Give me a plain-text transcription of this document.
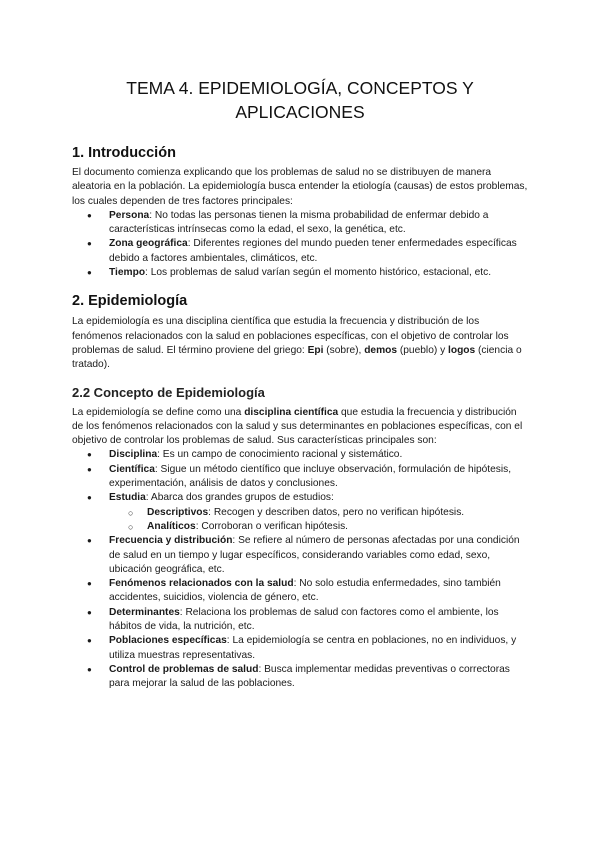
TEMA 4. EPIDEMIOLOGÍA, CONCEPTOS Y APLICACIONES
1. Introducción

El documento comienza explicando que los problemas de salud no se distribuyen de manera aleatoria en la población. La epidemiología busca entender la etiología (causas) de estos problemas, los cuales dependen de tres factores principales:

● Persona: No todas las personas tienen la misma probabilidad de enfermar debido a características intrínsecas como la edad, el sexo, la genética, etc.
● Zona geográfica: Diferentes regiones del mundo pueden tener enfermedades específicas debido a factores ambientales, climáticos, etc.
● Tiempo: Los problemas de salud varían según el momento histórico, estacional, etc.
2. Epidemiología

La epidemiología es una disciplina científica que estudia la frecuencia y distribución de los fenómenos relacionados con la salud en poblaciones específicas, con el objetivo de controlar los problemas de salud. El término proviene del griego: Epi (sobre), demos (pueblo) y logos (ciencia o tratado).

2.2 Concepto de Epidemiología

La epidemiología se define como una disciplina científica que estudia la frecuencia y distribución de los fenómenos relacionados con la salud y sus determinantes en poblaciones específicas, con el objetivo de controlar los problemas de salud. Sus características principales son:

● Disciplina: Es un campo de conocimiento racional y sistemático.
● Científica: Sigue un método científico que incluye observación, formulación de hipótesis, experimentación, análisis de datos y conclusiones.
● Estudia: Abarca dos grandes grupos de estudios:
○ Descriptivos: Recogen y describen datos, pero no verifican hipótesis.
○ Analíticos: Corroboran o verifican hipótesis.
● Frecuencia y distribución: Se refiere al número de personas afectadas por una condición de salud en un tiempo y lugar específicos, considerando variables como edad, sexo, ubicación geográfica, etc.
● Fenómenos relacionados con la salud: No solo estudia enfermedades, sino también accidentes, suicidios, violencia de género, etc.
● Determinantes: Relaciona los problemas de salud con factores como el ambiente, los hábitos de vida, la nutrición, etc.
● Poblaciones específicas: La epidemiología se centra en poblaciones, no en individuos, y utiliza muestras representativas.
● Control de problemas de salud: Busca implementar medidas preventivas o correctoras para mejorar la salud de las poblaciones.
